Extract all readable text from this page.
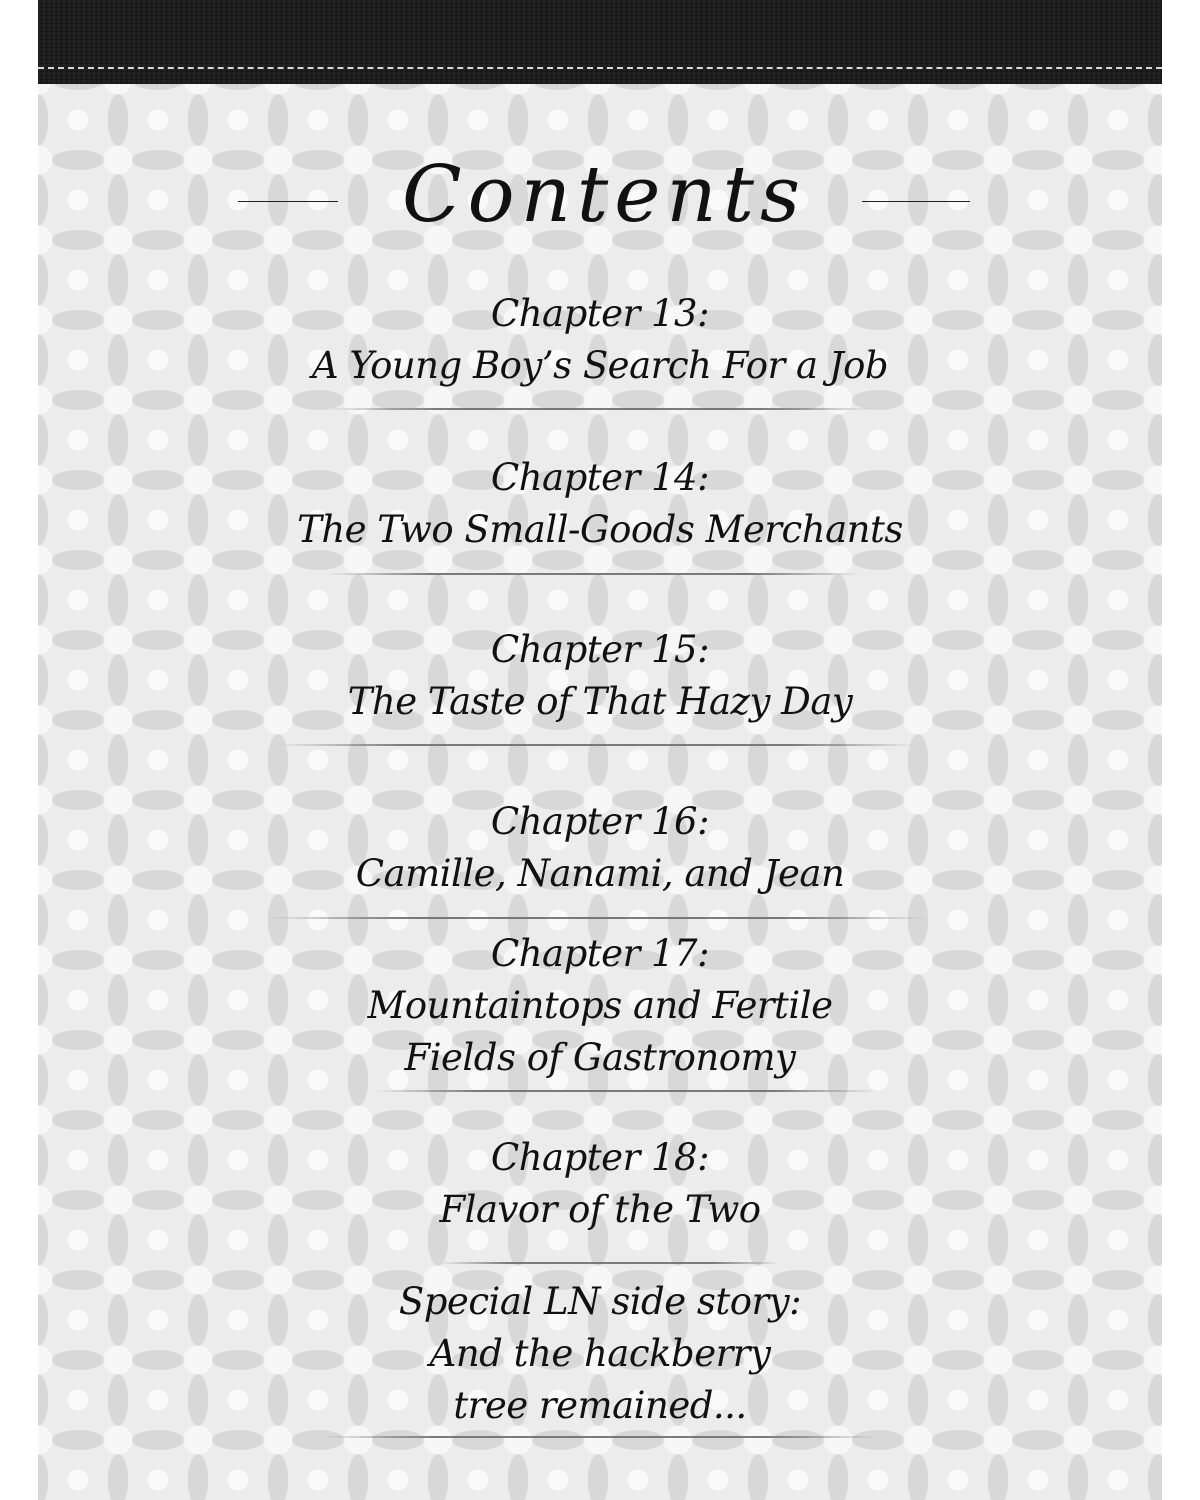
Contents
Chapter 13:
A Young Boy’s Search For a Job
Chapter 14:
The Two Small-Goods Merchants
Chapter 15:
The Taste of That Hazy Day
Chapter 16:
Camille, Nanami, and Jean
Chapter 17:
Mountaintops and Fertile
Fields of Gastronomy
Chapter 18:
Flavor of the Two
Special LN side story:
And the hackberry
tree remained...
